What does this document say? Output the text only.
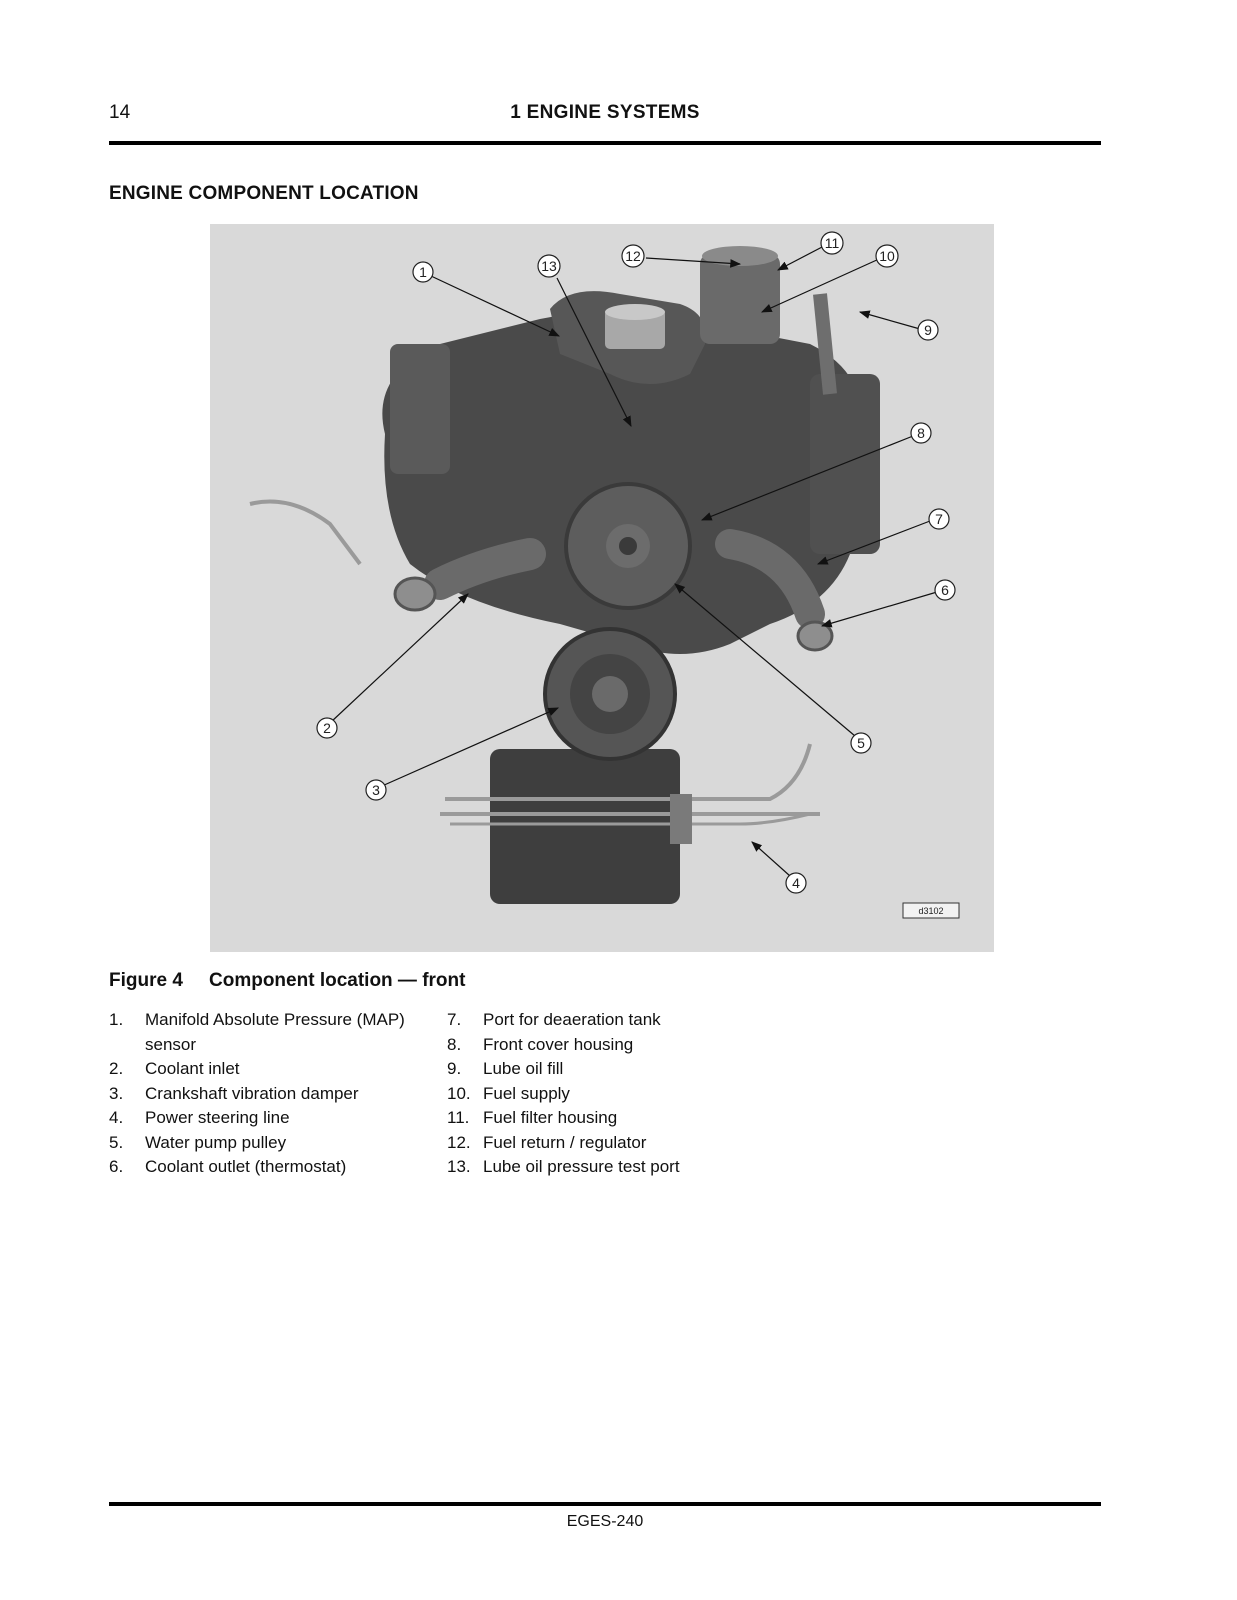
14	1 ENGINE SYSTEMS
ENGINE COMPONENT LOCATION
1
2
3
4
5
6
7
8
9
10
11
12
13
d3102
Figure 4 Component location — front
1. Manifold Absolute Pressure (MAP) sensor
2. Coolant inlet
3. Crankshaft vibration damper
4. Power steering line
5. Water pump pulley
6. Coolant outlet (thermostat)
7. Port for deaeration tank
8. Front cover housing
9. Lube oil fill
10. Fuel supply
11. Fuel filter housing
12. Fuel return / regulator
13. Lube oil pressure test port
EGES-240
